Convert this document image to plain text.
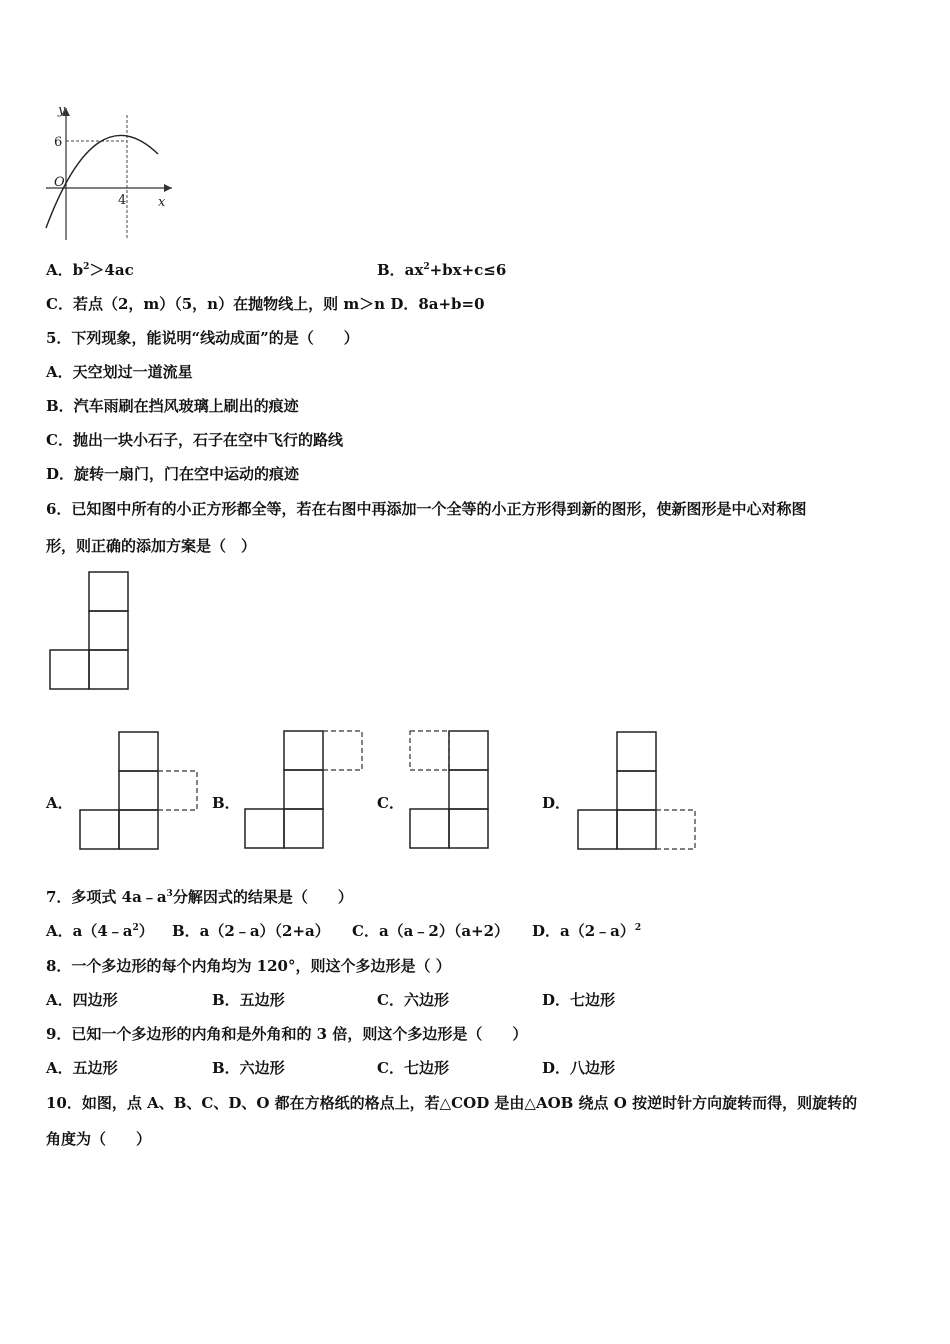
y
x
O
6
4
A．$b^2>4ac$	B．$ax^2+bx+c\le 6$
C．若点（2，m）（5，n）在抛物线上，则 m＞n D．8a+b=0
5．下列现象，能说明“线动成面”的是（　　）
A．天空划过一道流星
B．汽车雨刷在挡风玻璃上刷出的痕迹
C．抛出一块小石子，石子在空中飞行的路线
D．旋转一扇门，门在空中运动的痕迹
6．已知图中所有的小正方形都全等，若在右图中再添加一个全等的小正方形得到新的图形，使新图形是中心对称图
形，则正确的添加方案是（　）
A．	B．	C．	D．
7．多项式 $4a﹣a^3$分解因式的结果是（　　）
A．$a(4﹣a^2)$ B．a（2﹣a）（2+a） C．a（a﹣2）（a+2） D．a（2﹣a）$^2$
8．一个多边形的每个内角均为 120°，则这个多边形是（ ）
A．四边形	B．五边形	C．六边形	D．七边形
9．已知一个多边形的内角和是外角和的 3 倍，则这个多边形是（　　）
A．五边形	B．六边形	C．七边形	D．八边形
10．如图，点 A、B、C、D、O 都在方格纸的格点上，若△COD 是由△AOB 绕点 O 按逆时针方向旋转而得，则旋转的
角度为（　　）
